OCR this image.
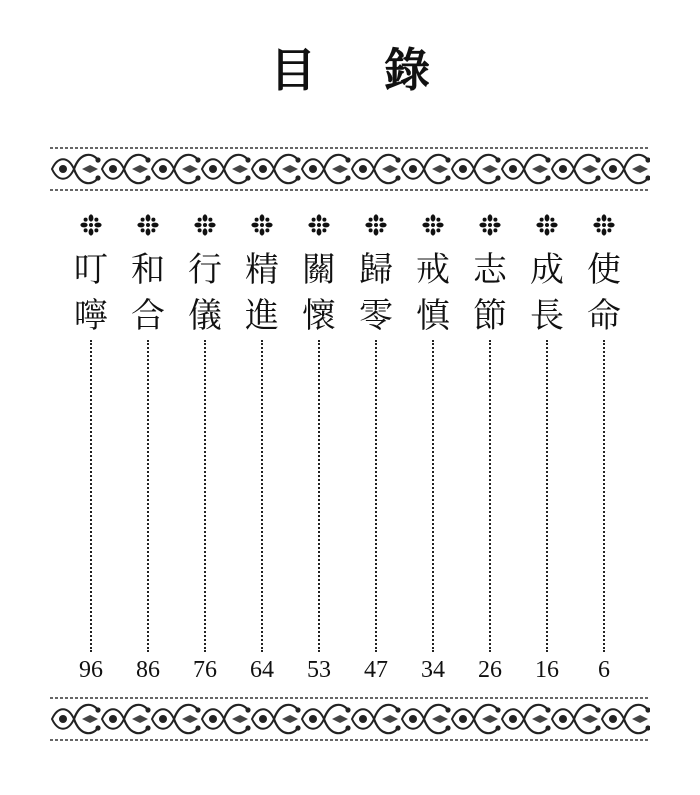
目 錄
使
命
6
成
長
16
志
節
26
戒
慎
34
歸
零
47
關
懷
53
精
進
64
行
儀
76
和
合
86
叮
嚀
96
